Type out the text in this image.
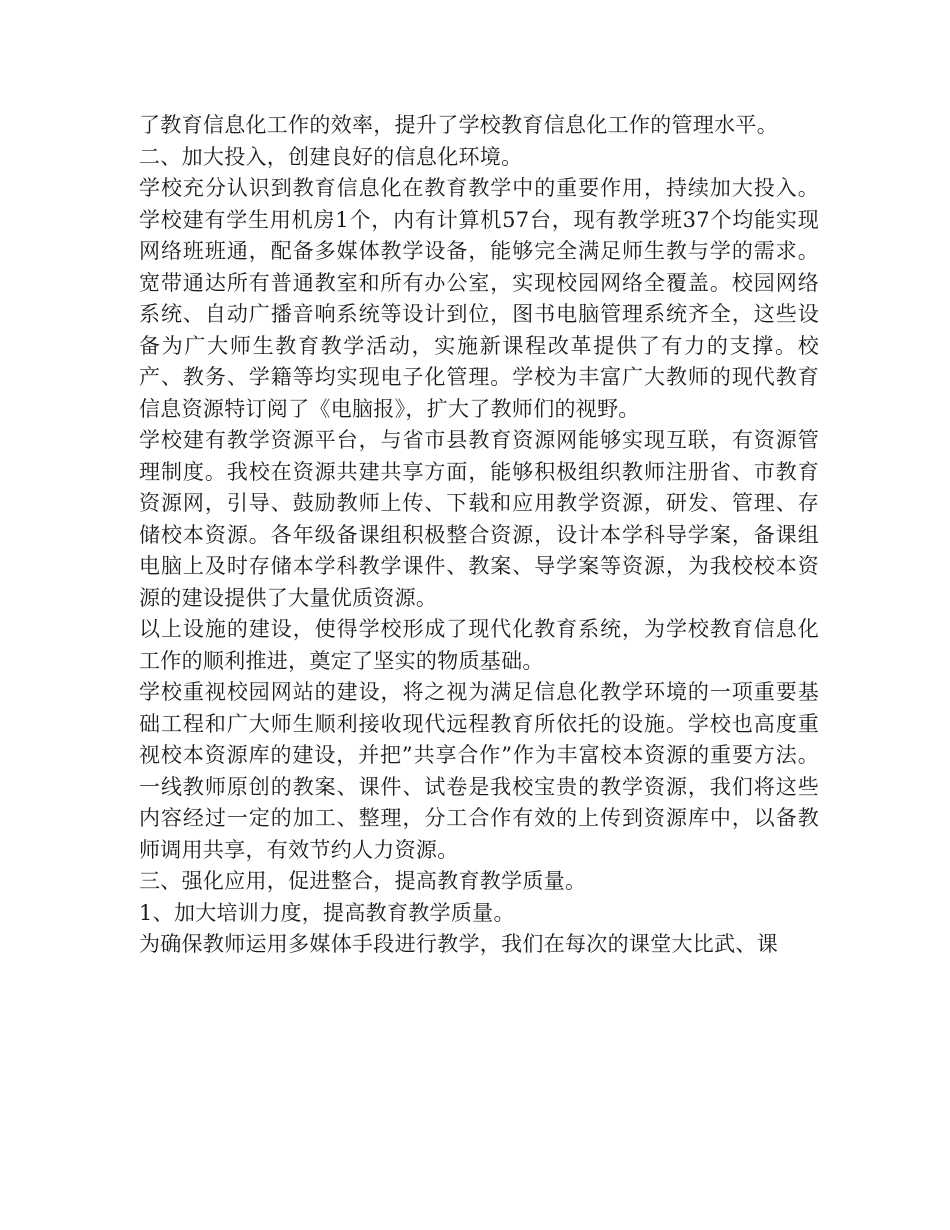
了教育信息化工作的效率，提升了学校教育信息化工作的管理水平。

二、加大投入，创建良好的信息化环境。

学校充分认识到教育信息化在教育教学中的重要作用，持续加大投入。学校建有学生用机房1个，内有计算机57台，现有教学班37个均能实现网络班班通，配备多媒体教学设备，能够完全满足师生教与学的需求。宽带通达所有普通教室和所有办公室，实现校园网络全覆盖。校园网络系统、自动广播音响系统等设计到位，图书电脑管理系统齐全，这些设备为广大师生教育教学活动，实施新课程改革提供了有力的支撑。校产、教务、学籍等均实现电子化管理。学校为丰富广大教师的现代教育信息资源特订阅了《电脑报》，扩大了教师们的视野。

学校建有教学资源平台，与省市县教育资源网能够实现互联，有资源管理制度。我校在资源共建共享方面，能够积极组织教师注册省、市教育资源网，引导、鼓励教师上传、下载和应用教学资源，研发、管理、存储校本资源。各年级备课组积极整合资源，设计本学科导学案，备课组电脑上及时存储本学科教学课件、教案、导学案等资源，为我校校本资源的建设提供了大量优质资源。

以上设施的建设，使得学校形成了现代化教育系统，为学校教育信息化工作的顺利推进，奠定了坚实的物质基础。

学校重视校园网站的建设，将之视为满足信息化教学环境的一项重要基础工程和广大师生顺利接收现代远程教育所依托的设施。学校也高度重视校本资源库的建设，并把”共享合作”作为丰富校本资源的重要方法。一线教师原创的教案、课件、试卷是我校宝贵的教学资源，我们将这些内容经过一定的加工、整理，分工合作有效的上传到资源库中，以备教师调用共享，有效节约人力资源。

三、强化应用，促进整合，提高教育教学质量。

1、加大培训力度，提高教育教学质量。

为确保教师运用多媒体手段进行教学，我们在每次的课堂大比武、课
